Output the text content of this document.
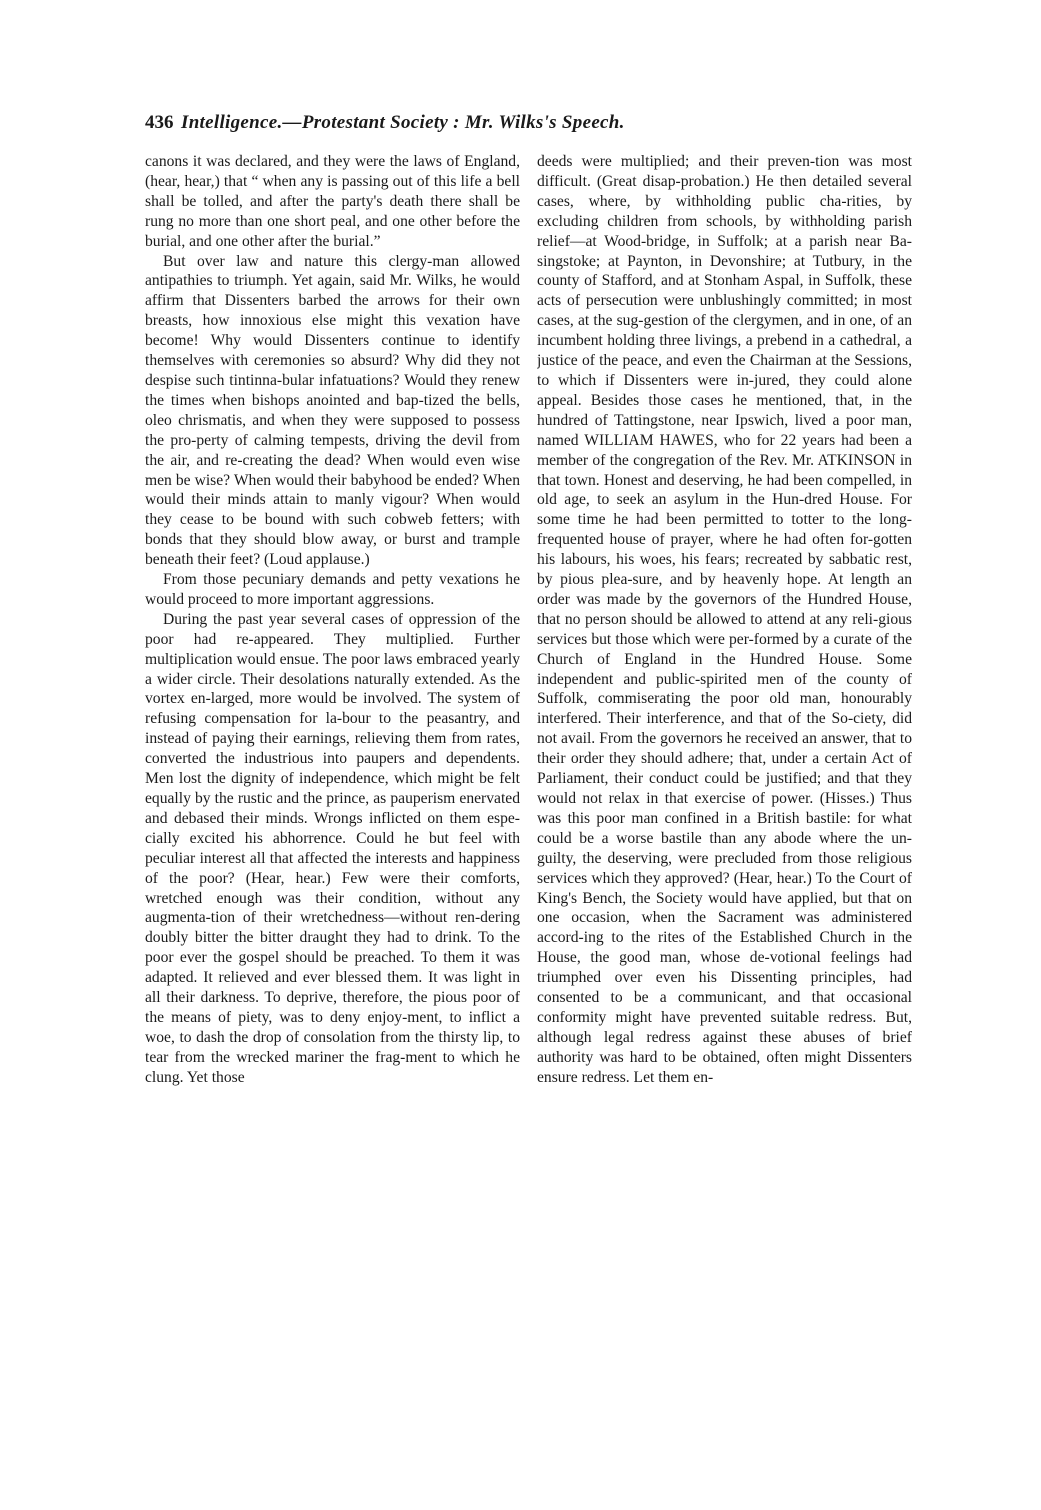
436 Intelligence.—Protestant Society : Mr. Wilks's Speech.

canons it was declared, and they were the laws of England, (hear, hear,) that “ when any is passing out of this life a bell shall be tolled, and after the party's death there shall be rung no more than one short peal, and one other before the burial, and one other after the burial.”

But over law and nature this clergy-man allowed antipathies to triumph. Yet again, said Mr. Wilks, he would affirm that Dissenters barbed the arrows for their own breasts, how innoxious else might this vexation have become! Why would Dissenters continue to identify themselves with ceremonies so absurd? Why did they not despise such tintinna-bular infatuations? Would they renew the times when bishops anointed and bap-tized the bells, oleo chrismatis, and when they were supposed to possess the pro-perty of calming tempests, driving the devil from the air, and re-creating the dead? When would even wise men be wise? When would their babyhood be ended? When would their minds attain to manly vigour? When would they cease to be bound with such cobweb fetters; with bonds that they should blow away, or burst and trample beneath their feet? (Loud applause.)

From those pecuniary demands and petty vexations he would proceed to more important aggressions.

During the past year several cases of oppression of the poor had re-appeared. They multiplied. Further multiplication would ensue. The poor laws embraced yearly a wider circle. Their desolations naturally extended. As the vortex en-larged, more would be involved. The system of refusing compensation for la-bour to the peasantry, and instead of paying their earnings, relieving them from rates, converted the industrious into paupers and dependents. Men lost the dignity of independence, which might be felt equally by the rustic and the prince, as pauperism enervated and debased their minds. Wrongs inflicted on them espe-cially excited his abhorrence. Could he but feel with peculiar interest all that affected the interests and happiness of the poor? (Hear, hear.) Few were their comforts, wretched enough was their condition, without any augmenta-tion of their wretchedness—without ren-dering doubly bitter the bitter draught they had to drink. To the poor ever the gospel should be preached. To them it was adapted. It relieved and ever blessed them. It was light in all their darkness. To deprive, therefore, the pious poor of the means of piety, was to deny enjoy-ment, to inflict a woe, to dash the drop of consolation from the thirsty lip, to tear from the wrecked mariner the frag-ment to which he clung. Yet those

deeds were multiplied; and their preven-tion was most difficult. (Great disap-probation.) He then detailed several cases, where, by withholding public cha-rities, by excluding children from schools, by withholding parish relief—at Wood-bridge, in Suffolk; at a parish near Ba-singstoke; at Paynton, in Devonshire; at Tutbury, in the county of Stafford, and at Stonham Aspal, in Suffolk, these acts of persecution were unblushingly committed; in most cases, at the sug-gestion of the clergymen, and in one, of an incumbent holding three livings, a prebend in a cathedral, a justice of the peace, and even the Chairman at the Sessions, to which if Dissenters were in-jured, they could alone appeal. Besides those cases he mentioned, that, in the hundred of Tattingstone, near Ipswich, lived a poor man, named WILLIAM HAWES, who for 22 years had been a member of the congregation of the Rev. Mr. ATKINSON in that town. Honest and deserving, he had been compelled, in old age, to seek an asylum in the Hun-dred House. For some time he had been permitted to totter to the long-frequented house of prayer, where he had often for-gotten his labours, his woes, his fears; recreated by sabbatic rest, by pious plea-sure, and by heavenly hope. At length an order was made by the governors of the Hundred House, that no person should be allowed to attend at any reli-gious services but those which were per-formed by a curate of the Church of England in the Hundred House. Some independent and public-spirited men of the county of Suffolk, commiserating the poor old man, honourably interfered. Their interference, and that of the So-ciety, did not avail. From the governors he received an answer, that to their order they should adhere; that, under a certain Act of Parliament, their conduct could be justified; and that they would not relax in that exercise of power. (Hisses.) Thus was this poor man confined in a British bastile: for what could be a worse bastile than any abode where the un-guilty, the deserving, were precluded from those religious services which they approved? (Hear, hear.) To the Court of King's Bench, the Society would have applied, but that on one occasion, when the Sacrament was administered accord-ing to the rites of the Established Church in the House, the good man, whose de-votional feelings had triumphed over even his Dissenting principles, had consented to be a communicant, and that occasional conformity might have prevented suitable redress. But, although legal redress against these abuses of brief authority was hard to be obtained, often might Dissenters ensure redress. Let them en-
